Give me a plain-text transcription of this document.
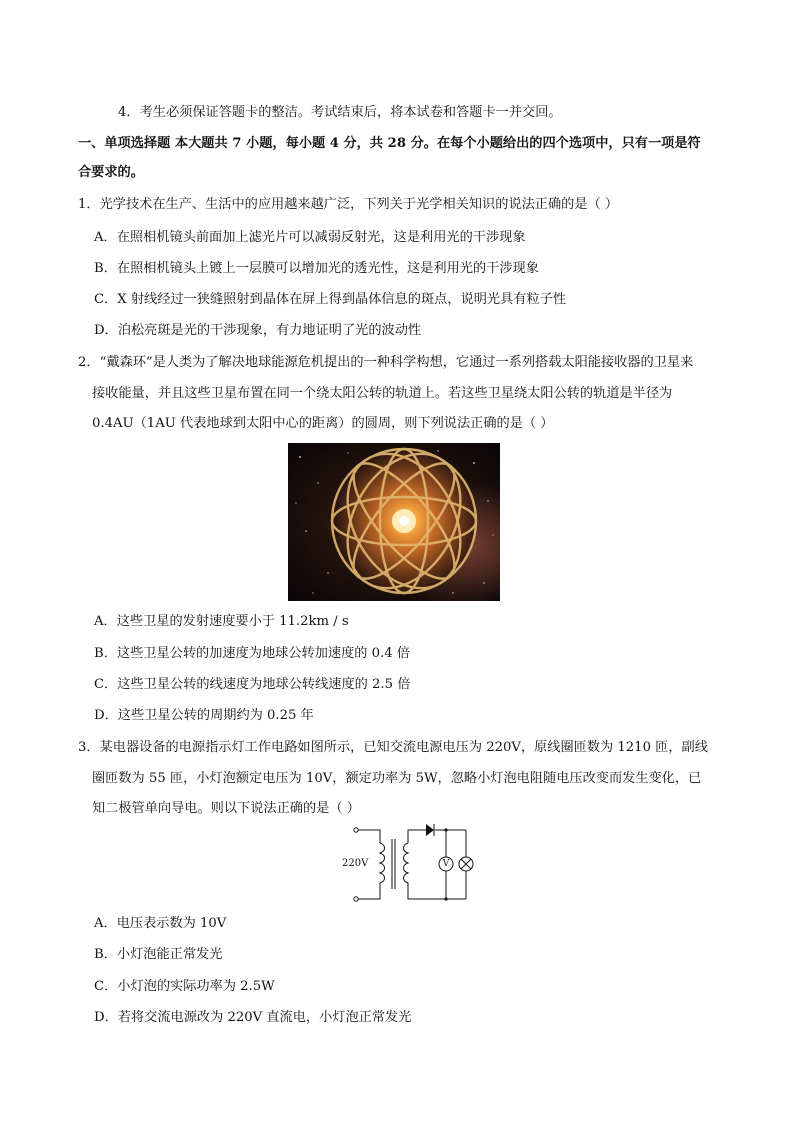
4．考生必须保证答题卡的整洁。考试结束后，将本试卷和答题卡一并交回。
一、单项选择题 本大题共 7 小题，每小题 4 分，共 28 分。在每个小题给出的四个选项中，只有一项是符
合要求的。
1．光学技术在生产、生活中的应用越来越广泛，下列关于光学相关知识的说法正确的是（ ）
A．在照相机镜头前面加上滤光片可以减弱反射光，这是利用光的干涉现象
B．在照相机镜头上镀上一层膜可以增加光的透光性，这是利用光的干涉现象
C．X 射线经过一狭缝照射到晶体在屏上得到晶体信息的斑点，说明光具有粒子性
D．泊松亮斑是光的干涉现象，有力地证明了光的波动性
2．“戴森环”是人类为了解决地球能源危机提出的一种科学构想，它通过一系列搭载太阳能接收器的卫星来
接收能量，并且这些卫星布置在同一个绕太阳公转的轨道上。若这些卫星绕太阳公转的轨道是半径为
0.4AU（1AU 代表地球到太阳中心的距离）的圆周，则下列说法正确的是（ ）
A．这些卫星的发射速度要小于 11.2km / s
B．这些卫星公转的加速度为地球公转加速度的 0.4 倍
C．这些卫星公转的线速度为地球公转线速度的 2.5 倍
D．这些卫星公转的周期约为 0.25 年
3．某电器设备的电源指示灯工作电路如图所示，已知交流电源电压为 220V，原线圈匝数为 1210 匝，副线
圈匝数为 55 匝，小灯泡额定电压为 10V，额定功率为 5W，忽略小灯泡电阻随电压改变而发生变化，已
知二极管单向导电。则以下说法正确的是（ ）
220V	V
A．电压表示数为 10V
B．小灯泡能正常发光
C．小灯泡的实际功率为 2.5W
D．若将交流电源改为 220V 直流电，小灯泡正常发光
